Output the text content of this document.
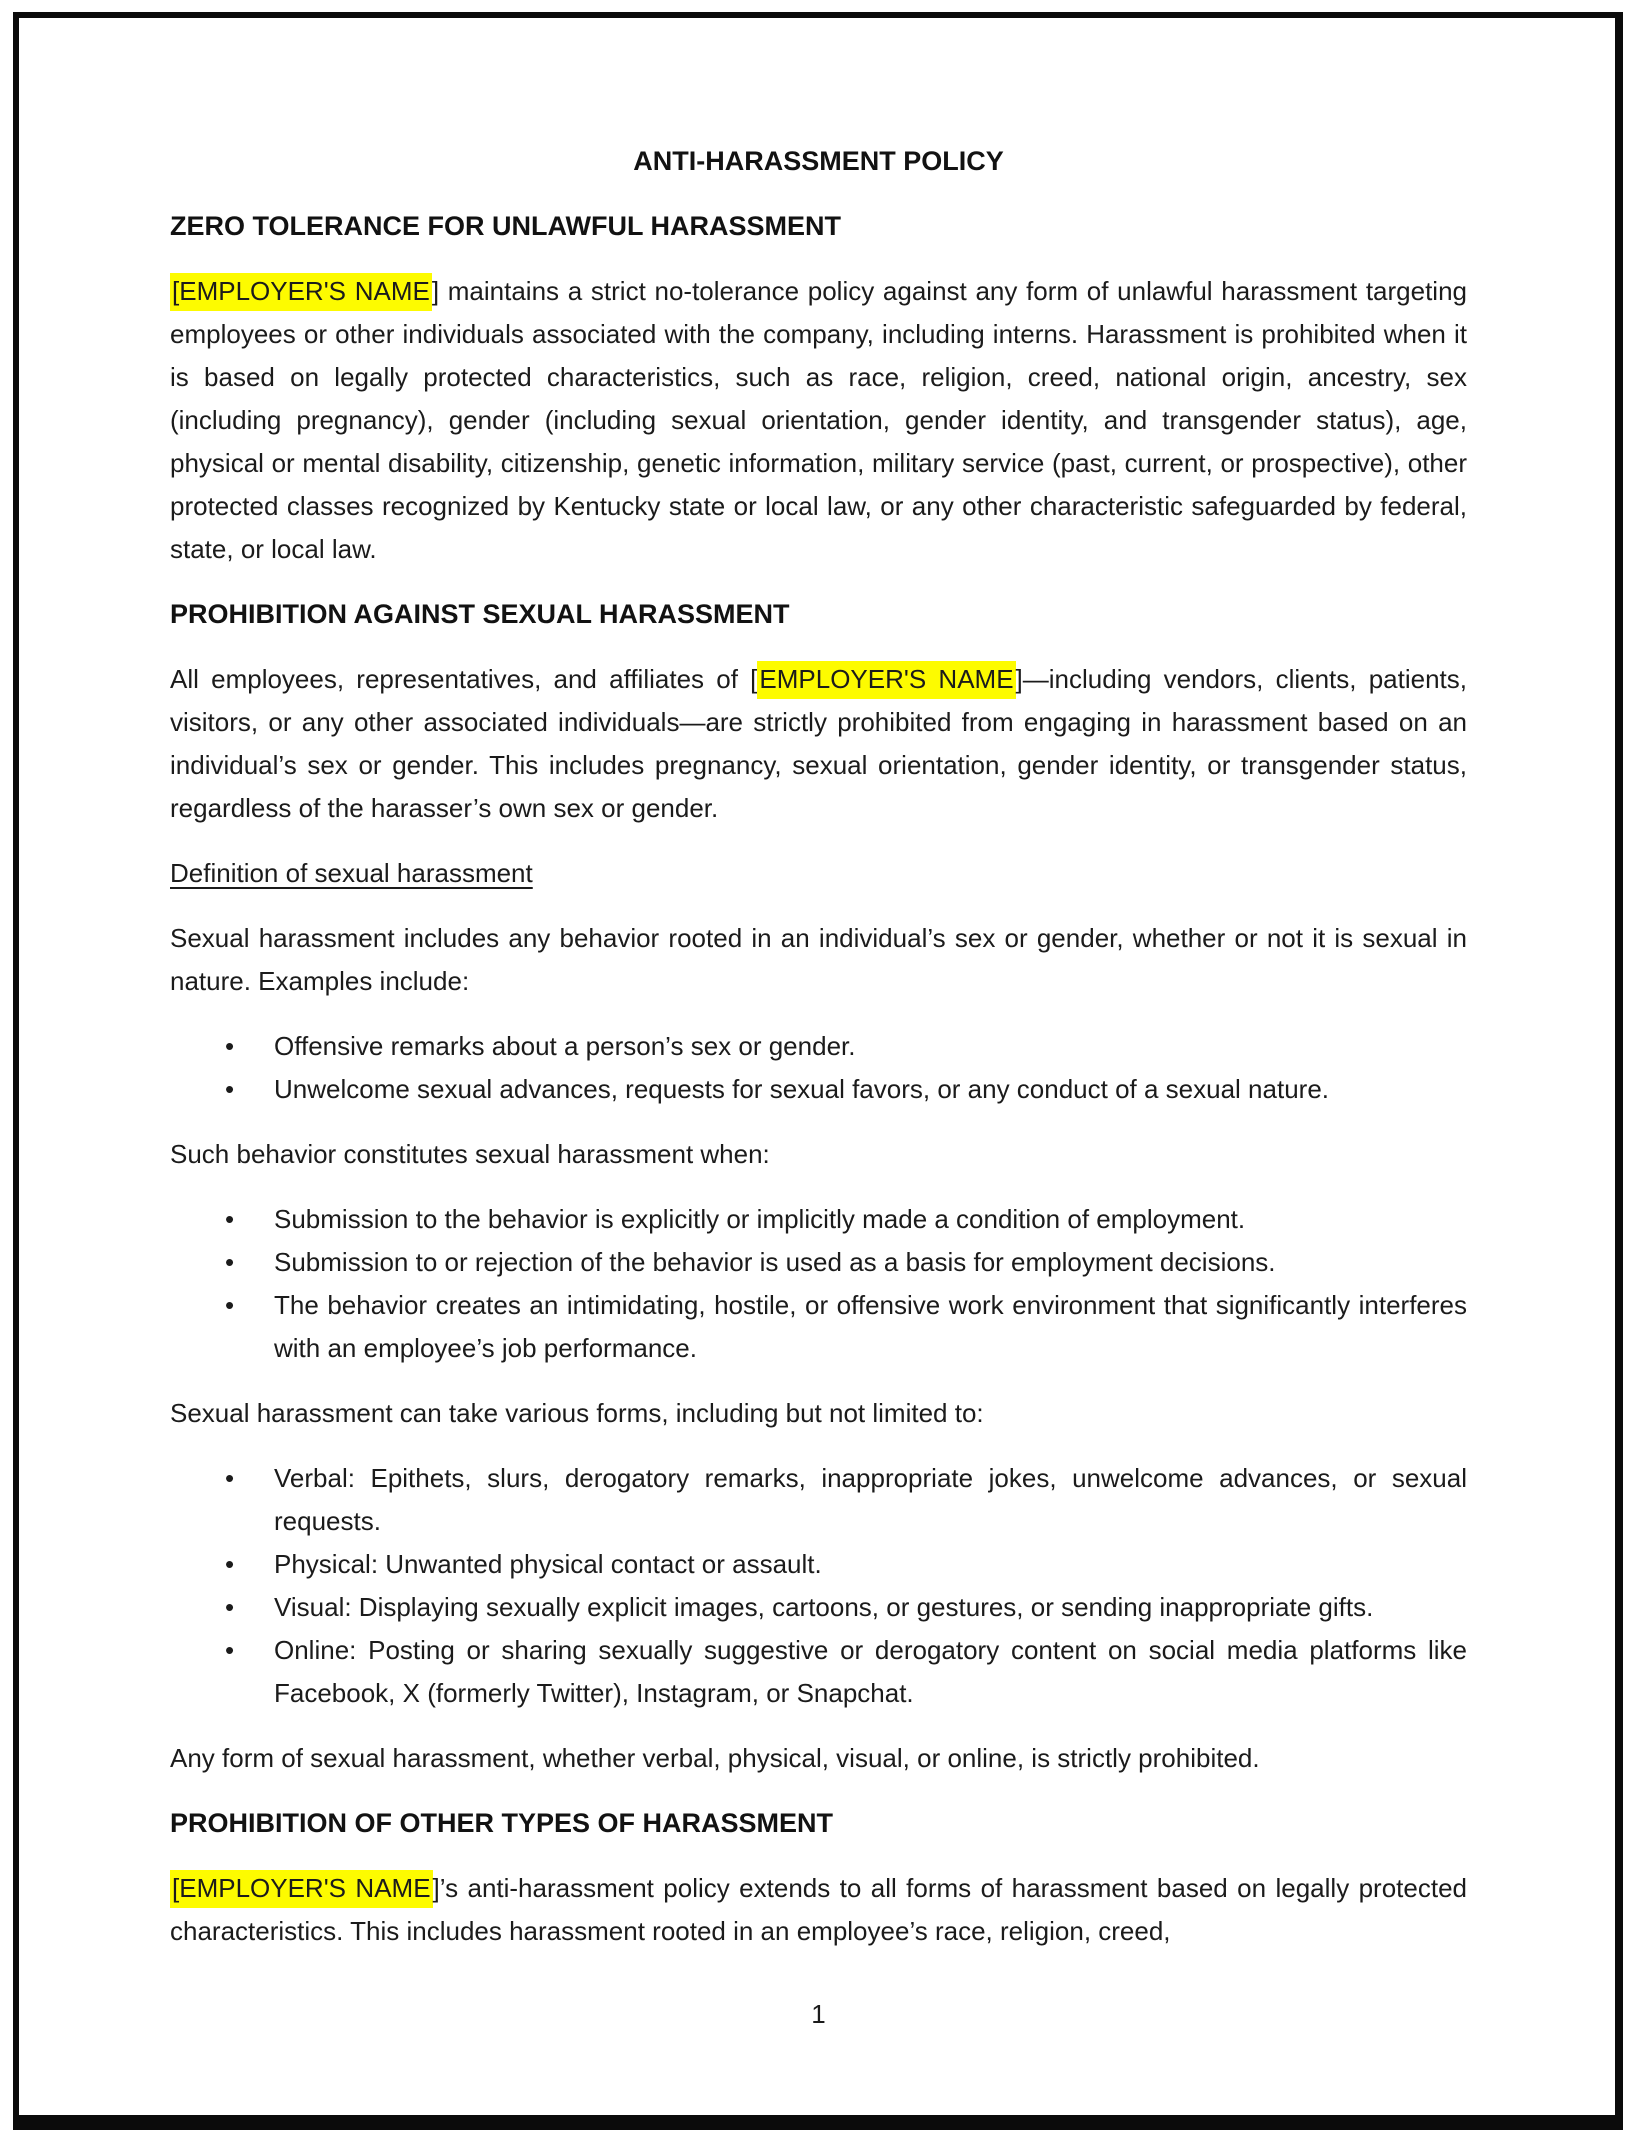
ANTI-HARASSMENT POLICY
ZERO TOLERANCE FOR UNLAWFUL HARASSMENT

[EMPLOYER'S NAME] maintains a strict no-tolerance policy against any form of unlawful harassment targeting employees or other individuals associated with the company, including interns. Harassment is prohibited when it is based on legally protected characteristics, such as race, religion, creed, national origin, ancestry, sex (including pregnancy), gender (including sexual orientation, gender identity, and transgender status), age, physical or mental disability, citizenship, genetic information, military service (past, current, or prospective), other protected classes recognized by Kentucky state or local law, or any other characteristic safeguarded by federal, state, or local law.

PROHIBITION AGAINST SEXUAL HARASSMENT

All employees, representatives, and affiliates of [EMPLOYER'S NAME]—including vendors, clients, patients, visitors, or any other associated individuals—are strictly prohibited from engaging in harassment based on an individual’s sex or gender. This includes pregnancy, sexual orientation, gender identity, or transgender status, regardless of the harasser’s own sex or gender.

Definition of sexual harassment

Sexual harassment includes any behavior rooted in an individual’s sex or gender, whether or not it is sexual in nature. Examples include:

• Offensive remarks about a person’s sex or gender.
• Unwelcome sexual advances, requests for sexual favors, or any conduct of a sexual nature.

Such behavior constitutes sexual harassment when:

• Submission to the behavior is explicitly or implicitly made a condition of employment.
• Submission to or rejection of the behavior is used as a basis for employment decisions.
• The behavior creates an intimidating, hostile, or offensive work environment that significantly interferes with an employee’s job performance.

Sexual harassment can take various forms, including but not limited to:

• Verbal: Epithets, slurs, derogatory remarks, inappropriate jokes, unwelcome advances, or sexual requests.
• Physical: Unwanted physical contact or assault.
• Visual: Displaying sexually explicit images, cartoons, or gestures, or sending inappropriate gifts.
• Online: Posting or sharing sexually suggestive or derogatory content on social media platforms like Facebook, X (formerly Twitter), Instagram, or Snapchat.

Any form of sexual harassment, whether verbal, physical, visual, or online, is strictly prohibited.

PROHIBITION OF OTHER TYPES OF HARASSMENT

[EMPLOYER'S NAME]’s anti-harassment policy extends to all forms of harassment based on legally protected characteristics. This includes harassment rooted in an employee’s race, religion, creed,

1
